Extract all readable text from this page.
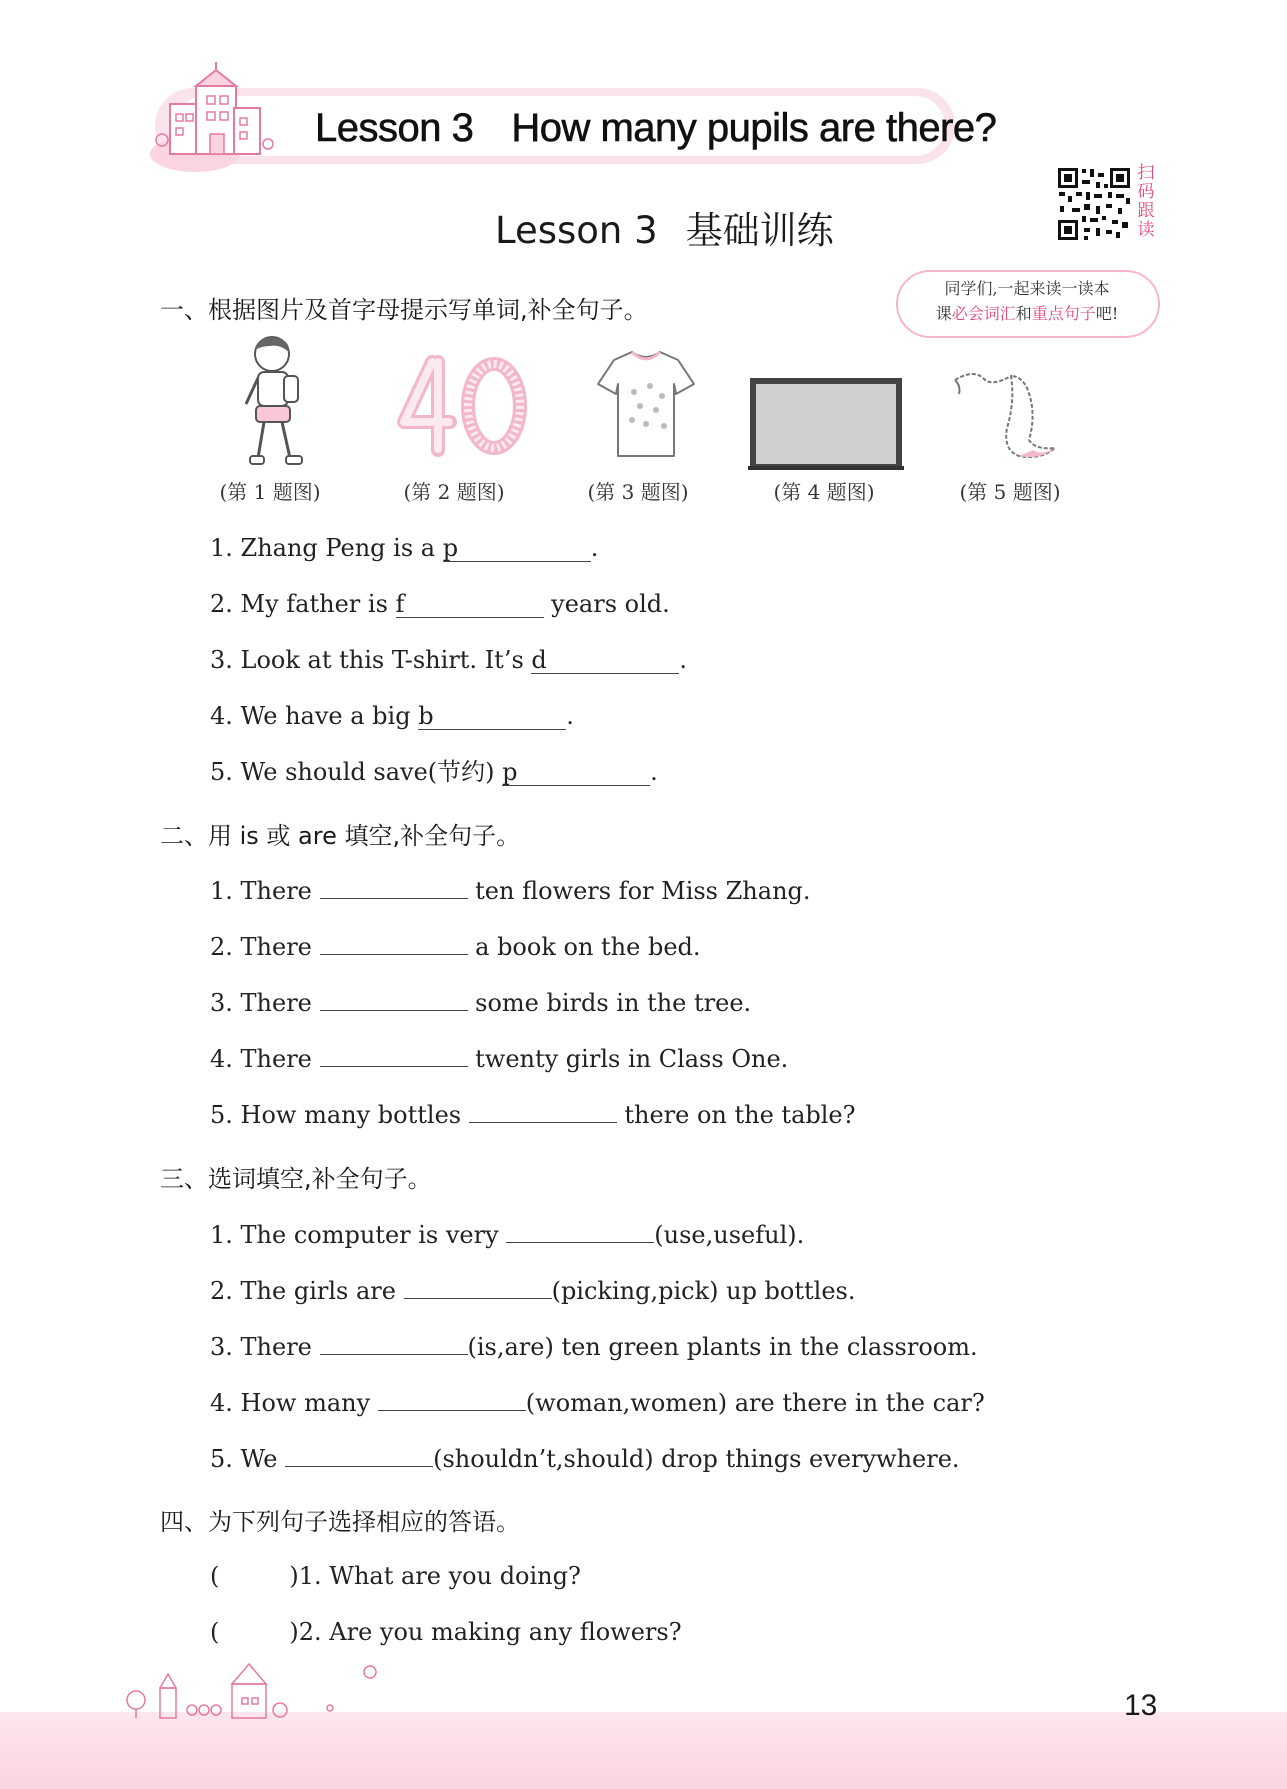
Lesson 3 How many pupils are there?
Lesson 3 基础训练
扫
码
跟
读
同学们,一起来读一读本
课必会词汇和重点句子吧!
一、根据图片及首字母提示写单词,补全句子。
(第 1 题图)	(第 2 题图)	(第 3 题图)	(第 4 题图)	(第 5 题图)
1. Zhang Peng is a p	.
2. My father is f	years old.
3. Look at this T-shirt. It’s d	.
4. We have a big b	.
5. We should save(节约) p	.
二、用 is 或 are 填空,补全句子。
1. There	ten flowers for Miss Zhang.
2. There	a book on the bed.
3. There	some birds in the tree.
4. There	twenty girls in Class One.
5. How many bottles	there on the table?
三、选词填空,补全句子。
1. The computer is very	(use,useful).
2. The girls are	(picking,pick) up bottles.
3. There	(is,are) ten green plants in the classroom.
4. How many	(woman,women) are there in the car?
5. We	(shouldn’t,should) drop things everywhere.
四、为下列句子选择相应的答语。
(	)1. What are you doing?
(	)2. Are you making any flowers?
13
